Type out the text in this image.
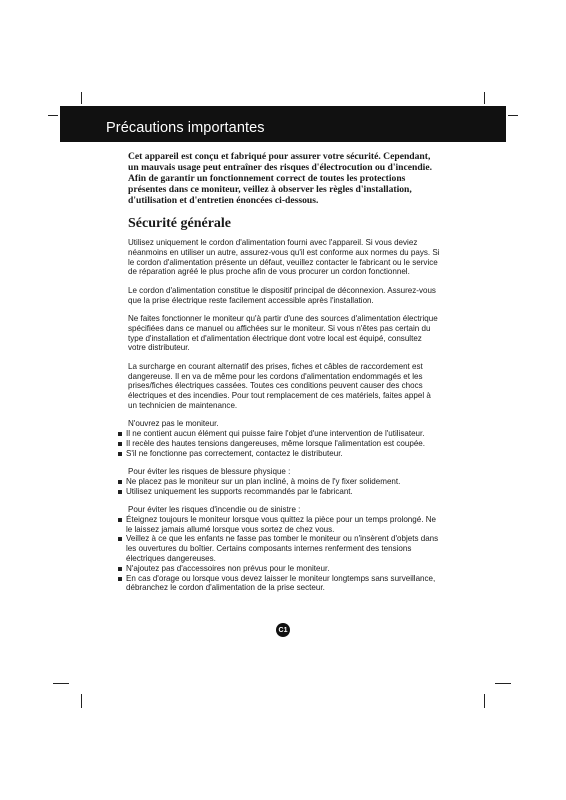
Précautions importantes

Cet appareil est conçu et fabriqué pour assurer votre sécurité. Cependant, un mauvais usage peut entraîner des risques d'électrocution ou d'incendie. Afin de garantir un fonctionnement correct de toutes les protections présentes dans ce moniteur, veillez à observer les règles d'installation, d'utilisation et d'entretien énoncées ci-dessous.

Sécurité générale

Utilisez uniquement le cordon d'alimentation fourni avec l'appareil. Si vous deviez néanmoins en utiliser un autre, assurez-vous qu'il est conforme aux normes du pays. Si le cordon d'alimentation présente un défaut, veuillez contacter le fabricant ou le service de réparation agréé le plus proche afin de vous procurer un cordon fonctionnel.

Le cordon d'alimentation constitue le dispositif principal de déconnexion. Assurez-vous que la prise électrique reste facilement accessible après l'installation.

Ne faites fonctionner le moniteur qu'à partir d'une des sources d'alimentation électrique spécifiées dans ce manuel ou affichées sur le moniteur. Si vous n'êtes pas certain du type d'installation et d'alimentation électrique dont votre local est équipé, consultez votre distributeur.

La surcharge en courant alternatif des prises, fiches et câbles de raccordement est dangereuse. Il en va de même pour les cordons d'alimentation endommagés et les prises/fiches électriques cassées. Toutes ces conditions peuvent causer des chocs électriques et des incendies. Pour tout remplacement de ces matériels, faites appel à un technicien de maintenance.

N'ouvrez pas le moniteur.

Il ne contient aucun élément qui puisse faire l'objet d'une intervention de l'utilisateur.
Il recèle des hautes tensions dangereuses, même lorsque l'alimentation est coupée.
S'il ne fonctionne pas correctement, contactez le distributeur.

Pour éviter les risques de blessure physique :

Ne placez pas le moniteur sur un plan incliné, à moins de l'y fixer solidement.
Utilisez uniquement les supports recommandés par le fabricant.

Pour éviter les risques d'incendie ou de sinistre :

Éteignez toujours le moniteur lorsque vous quittez la pièce pour un temps prolongé. Ne le laissez jamais allumé lorsque vous sortez de chez vous.
Veillez à ce que les enfants ne fasse pas tomber le moniteur ou n'insèrent d'objets dans les ouvertures du boîtier. Certains composants internes renferment des tensions électriques dangereuses.
N'ajoutez pas d'accessoires non prévus pour le moniteur.
En cas d'orage ou lorsque vous devez laisser le moniteur longtemps sans surveillance, débranchez le cordon d'alimentation de la prise secteur.
C1
